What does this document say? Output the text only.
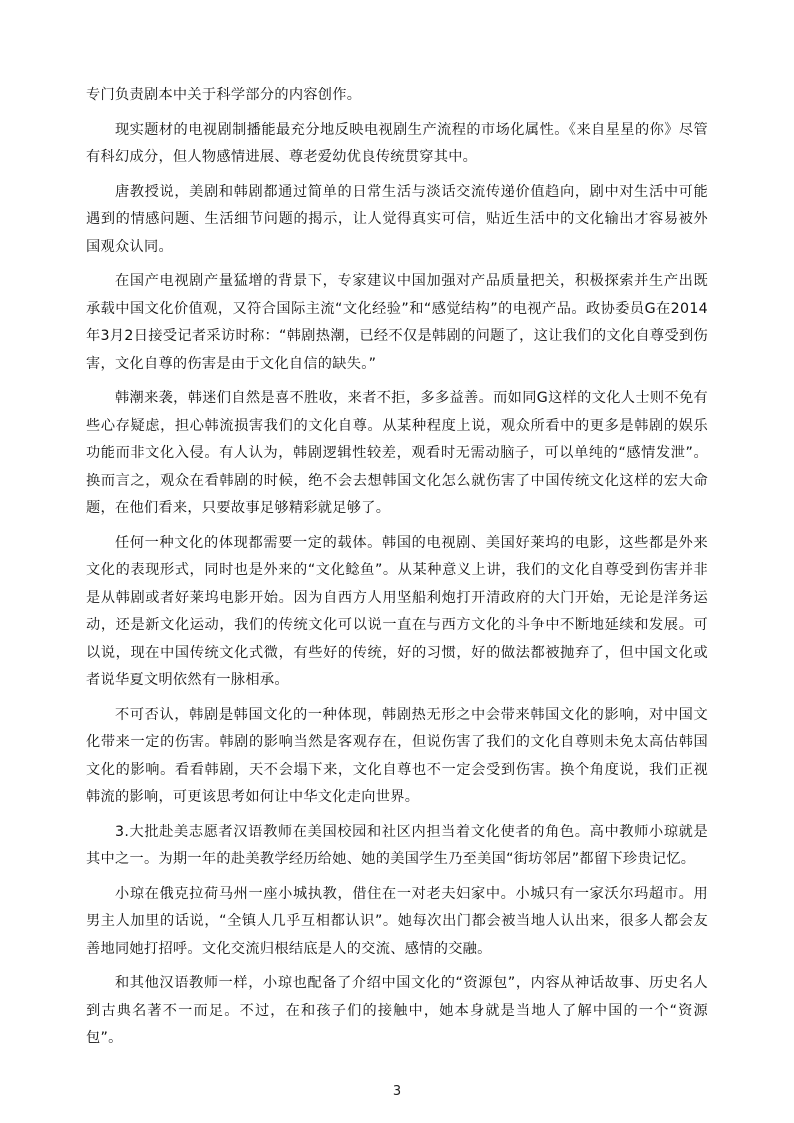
专门负责剧本中关于科学部分的内容创作。

现实题材的电视剧制播能最充分地反映电视剧生产流程的市场化属性。《来自星星的你》尽管有科幻成分，但人物感情进展、尊老爱幼优良传统贯穿其中。

唐教授说，美剧和韩剧都通过简单的日常生活与淡话交流传递价值趋向，剧中对生活中可能遇到的情感问题、生活细节问题的揭示，让人觉得真实可信，贴近生活中的文化输出才容易被外国观众认同。

在国产电视剧产量猛增的背景下，专家建议中国加强对产品质量把关，积极探索并生产出既承载中国文化价值观，又符合国际主流“文化经验”和“感觉结构”的电视产品。政协委员G在2014年3月2日接受记者采访时称：“韩剧热潮，已经不仅是韩剧的问题了，这让我们的文化自尊受到伤害，文化自尊的伤害是由于文化自信的缺失。”

韩潮来袭，韩迷们自然是喜不胜收，来者不拒，多多益善。而如同G这样的文化人士则不免有些心存疑虑，担心韩流损害我们的文化自尊。从某种程度上说，观众所看中的更多是韩剧的娱乐功能而非文化入侵。有人认为，韩剧逻辑性较差，观看时无需动脑子，可以单纯的“感情发泄”。换而言之，观众在看韩剧的时候，绝不会去想韩国文化怎么就伤害了中国传统文化这样的宏大命题，在他们看来，只要故事足够精彩就足够了。

任何一种文化的体现都需要一定的载体。韩国的电视剧、美国好莱坞的电影，这些都是外来文化的表现形式，同时也是外来的“文化鲶鱼”。从某种意义上讲，我们的文化自尊受到伤害并非是从韩剧或者好莱坞电影开始。因为自西方人用坚船利炮打开清政府的大门开始，无论是洋务运动，还是新文化运动，我们的传统文化可以说一直在与西方文化的斗争中不断地延续和发展。可以说，现在中国传统文化式微，有些好的传统，好的习惯，好的做法都被抛弃了，但中国文化或者说华夏文明依然有一脉相承。

不可否认，韩剧是韩国文化的一种体现，韩剧热无形之中会带来韩国文化的影响，对中国文化带来一定的伤害。韩剧的影响当然是客观存在，但说伤害了我们的文化自尊则未免太高估韩国文化的影响。看看韩剧，天不会塌下来，文化自尊也不一定会受到伤害。换个角度说，我们正视韩流的影响，可更该思考如何让中华文化走向世界。

3.大批赴美志愿者汉语教师在美国校园和社区内担当着文化使者的角色。高中教师小琼就是其中之一。为期一年的赴美教学经历给她、她的美国学生乃至美国“街坊邻居”都留下珍贵记忆。

小琼在俄克拉荷马州一座小城执教，借住在一对老夫妇家中。小城只有一家沃尔玛超市。用男主人加里的话说，“全镇人几乎互相都认识”。她每次出门都会被当地人认出来，很多人都会友善地同她打招呼。文化交流归根结底是人的交流、感情的交融。

和其他汉语教师一样，小琼也配备了介绍中国文化的“资源包”，内容从神话故事、历史名人到古典名著不一而足。不过，在和孩子们的接触中，她本身就是当地人了解中国的一个“资源包”。

3
